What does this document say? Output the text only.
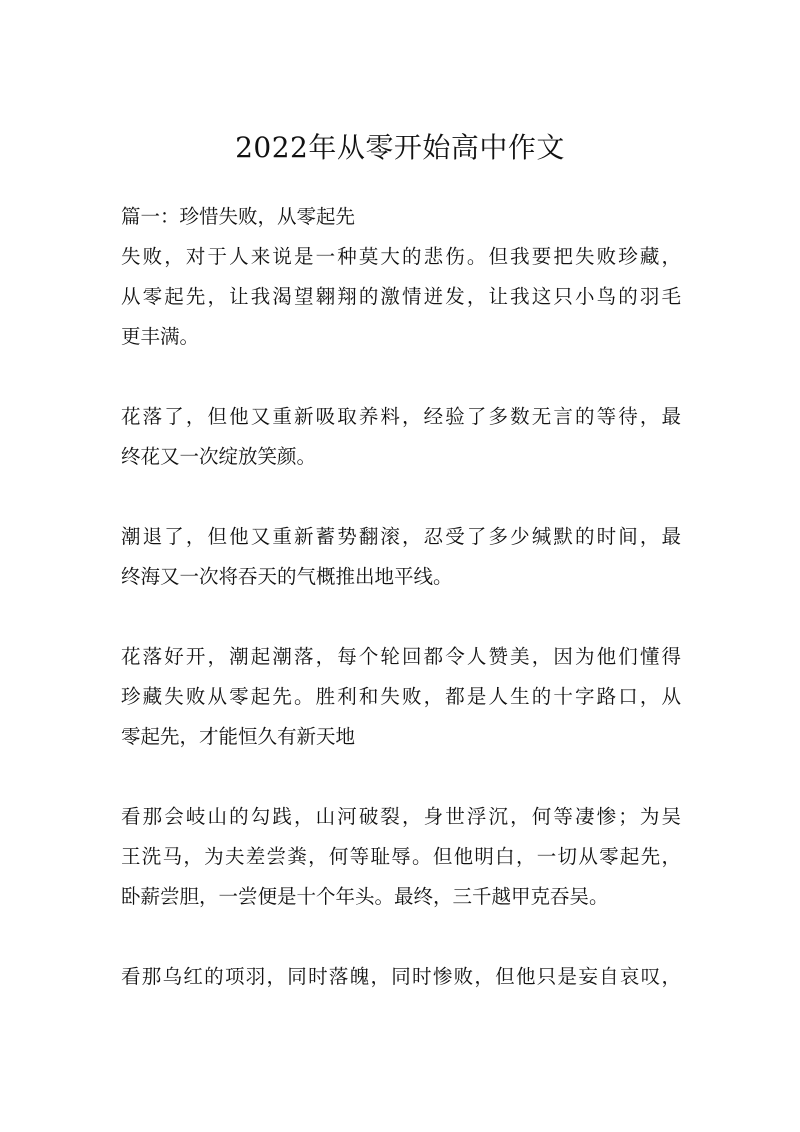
2022年从零开始高中作文
篇一：珍惜失败，从零起先
失败，对于人来说是一种莫大的悲伤。但我要把失败珍藏，
从零起先，让我渴望翱翔的激情迸发，让我这只小鸟的羽毛
更丰满。
花落了，但他又重新吸取养料，经验了多数无言的等待，最
终花又一次绽放笑颜。
潮退了，但他又重新蓄势翻滚，忍受了多少缄默的时间，最
终海又一次将吞天的气概推出地平线。
花落好开，潮起潮落，每个轮回都令人赞美，因为他们懂得
珍藏失败从零起先。胜利和失败，都是人生的十字路口，从
零起先，才能恒久有新天地
看那会岐山的勾践，山河破裂，身世浮沉，何等凄惨；为吴
王洗马，为夫差尝粪，何等耻辱。但他明白，一切从零起先，
卧薪尝胆，一尝便是十个年头。最终，三千越甲克吞吴。
看那乌红的项羽，同时落魄，同时惨败，但他只是妄自哀叹，
